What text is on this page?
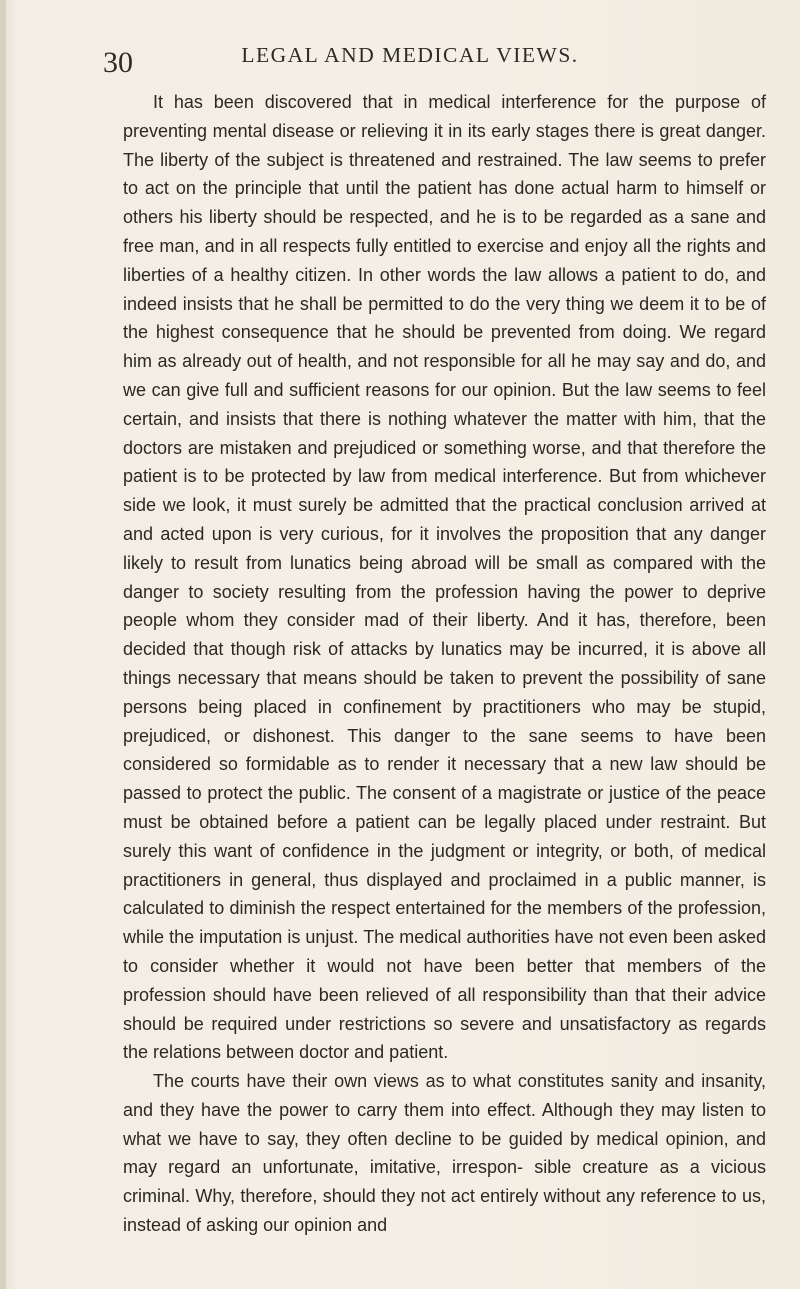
30	LEGAL AND MEDICAL VIEWS.

It has been discovered that in medical interference for the purpose of preventing mental disease or relieving it in its early stages there is great danger. The liberty of the subject is threatened and restrained. The law seems to prefer to act on the principle that until the patient has done actual harm to himself or others his liberty should be respected, and he is to be regarded as a sane and free man, and in all respects fully entitled to exercise and enjoy all the rights and liberties of a healthy citizen. In other words the law allows a patient to do, and indeed insists that he shall be permitted to do the very thing we deem it to be of the highest consequence that he should be prevented from doing. We regard him as already out of health, and not responsible for all he may say and do, and we can give full and sufficient reasons for our opinion. But the law seems to feel certain, and insists that there is nothing whatever the matter with him, that the doctors are mistaken and prejudiced or something worse, and that therefore the patient is to be protected by law from medical interference. But from whichever side we look, it must surely be admitted that the practical conclusion arrived at and acted upon is very curious, for it involves the proposition that any danger likely to result from lunatics being abroad will be small as compared with the danger to society resulting from the profession having the power to deprive people whom they consider mad of their liberty. And it has, therefore, been decided that though risk of attacks by lunatics may be incurred, it is above all things necessary that means should be taken to prevent the possibility of sane persons being placed in confinement by practitioners who may be stupid, prejudiced, or dishonest. This danger to the sane seems to have been considered so formidable as to render it necessary that a new law should be passed to protect the public. The consent of a magistrate or justice of the peace must be obtained before a patient can be legally placed under restraint. But surely this want of confidence in the judgment or integrity, or both, of medical practitioners in general, thus displayed and proclaimed in a public manner, is calculated to diminish the respect entertained for the members of the profession, while the imputation is unjust. The medical authorities have not even been asked to consider whether it would not have been better that members of the profession should have been relieved of all responsibility than that their advice should be required under restrictions so severe and unsatisfactory as regards the relations between doctor and patient.

The courts have their own views as to what constitutes sanity and insanity, and they have the power to carry them into effect. Although they may listen to what we have to say, they often decline to be guided by medical opinion, and may regard an unfortunate, imitative, irrespon- sible creature as a vicious criminal. Why, therefore, should they not act entirely without any reference to us, instead of asking our opinion and
